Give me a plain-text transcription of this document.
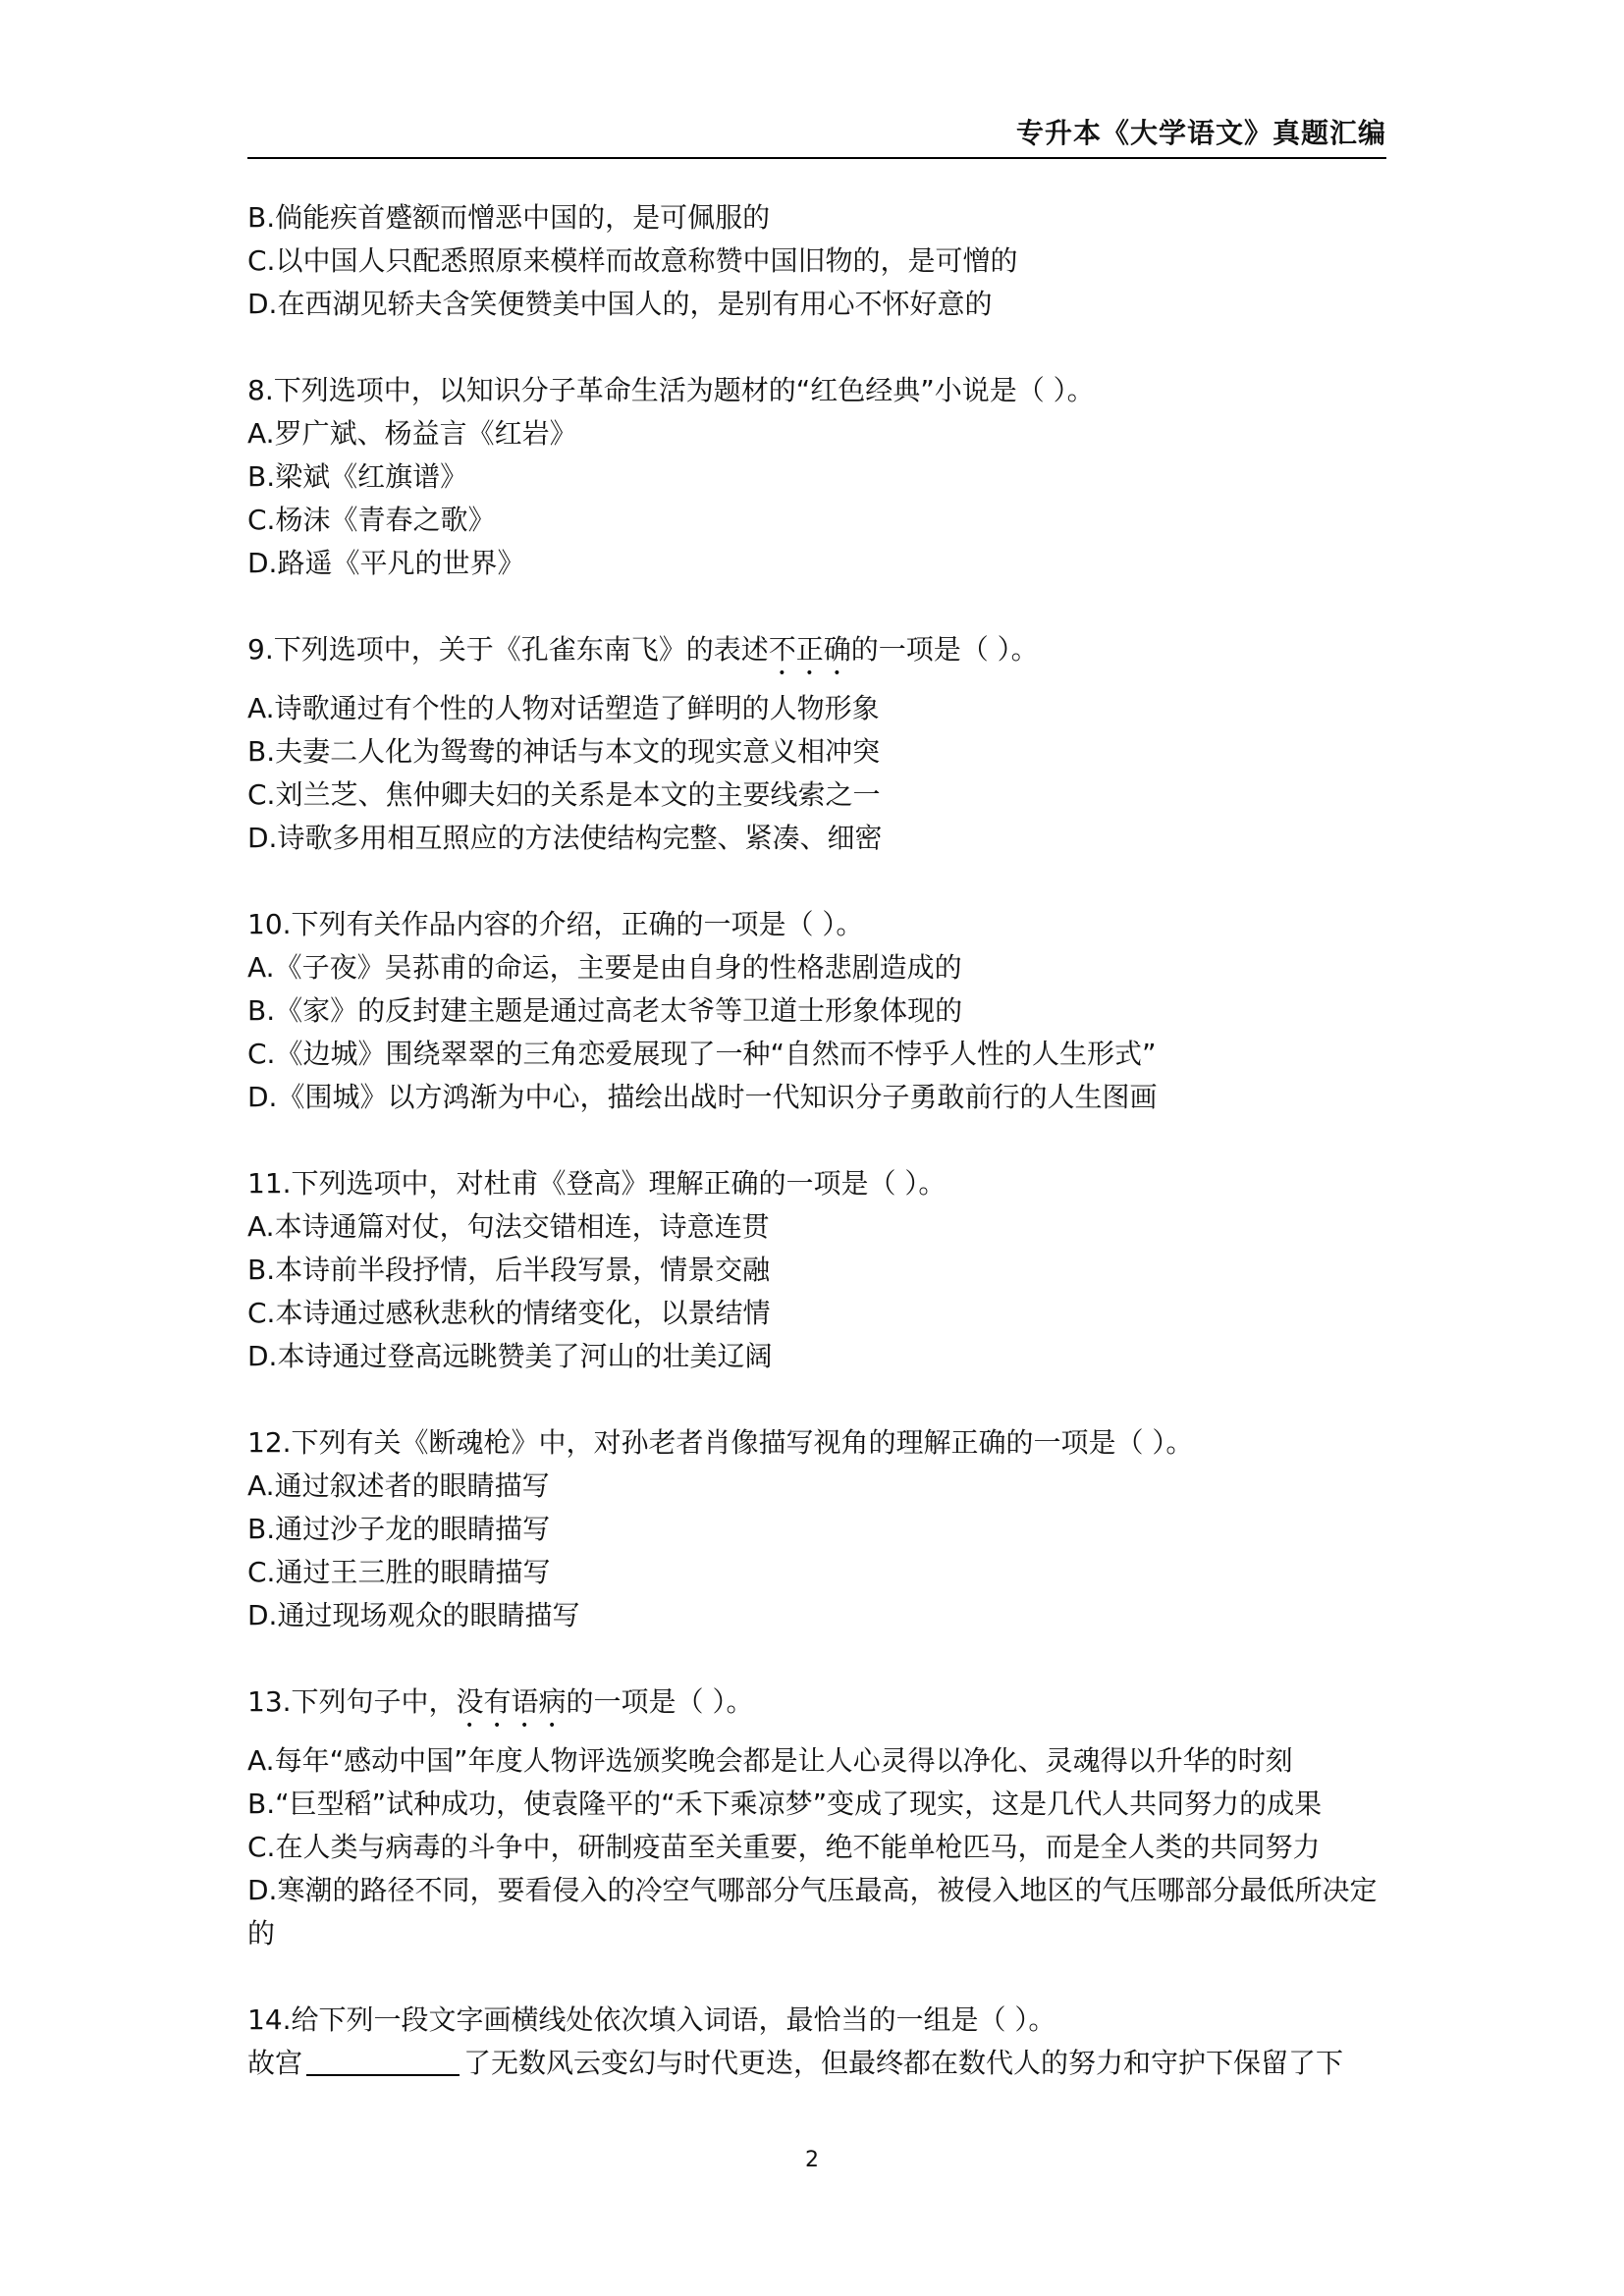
专升本《大学语文》真题汇编
B.倘能疾首蹙额而憎恶中国的，是可佩服的
C.以中国人只配悉照原来模样而故意称赞中国旧物的，是可憎的
D.在西湖见轿夫含笑便赞美中国人的，是别有用心不怀好意的
8.下列选项中，以知识分子革命生活为题材的“红色经典”小说是（ ）。
A.罗广斌、杨益言《红岩》
B.梁斌《红旗谱》
C.杨沫《青春之歌》
D.路遥《平凡的世界》
9.下列选项中，关于《孔雀东南飞》的表述不正确的一项是（ ）。
A.诗歌通过有个性的人物对话塑造了鲜明的人物形象
B.夫妻二人化为鸳鸯的神话与本文的现实意义相冲突
C.刘兰芝、焦仲卿夫妇的关系是本文的主要线索之一
D.诗歌多用相互照应的方法使结构完整、紧凑、细密
10.下列有关作品内容的介绍，正确的一项是（ ）。
A.《子夜》吴荪甫的命运，主要是由自身的性格悲剧造成的
B.《家》的反封建主题是通过高老太爷等卫道士形象体现的
C.《边城》围绕翠翠的三角恋爱展现了一种“自然而不悖乎人性的人生形式”
D.《围城》以方鸿渐为中心，描绘出战时一代知识分子勇敢前行的人生图画
11.下列选项中，对杜甫《登高》理解正确的一项是（ ）。
A.本诗通篇对仗，句法交错相连，诗意连贯
B.本诗前半段抒情，后半段写景，情景交融
C.本诗通过感秋悲秋的情绪变化，以景结情
D.本诗通过登高远眺赞美了河山的壮美辽阔
12.下列有关《断魂枪》中，对孙老者肖像描写视角的理解正确的一项是（ ）。
A.通过叙述者的眼睛描写
B.通过沙子龙的眼睛描写
C.通过王三胜的眼睛描写
D.通过现场观众的眼睛描写
13.下列句子中，没有语病的一项是（ ）。
A.每年“感动中国”年度人物评选颁奖晚会都是让人心灵得以净化、灵魂得以升华的时刻
B.“巨型稻”试种成功，使袁隆平的“禾下乘凉梦”变成了现实，这是几代人共同努力的成果
C.在人类与病毒的斗争中，研制疫苗至关重要，绝不能单枪匹马，而是全人类的共同努力
D.寒潮的路径不同，要看侵入的冷空气哪部分气压最高，被侵入地区的气压哪部分最低所决定的
14.给下列一段文字画横线处依次填入词语，最恰当的一组是（ ）。
故宫	了无数风云变幻与时代更迭，但最终都在数代人的努力和守护下保留了下
2
